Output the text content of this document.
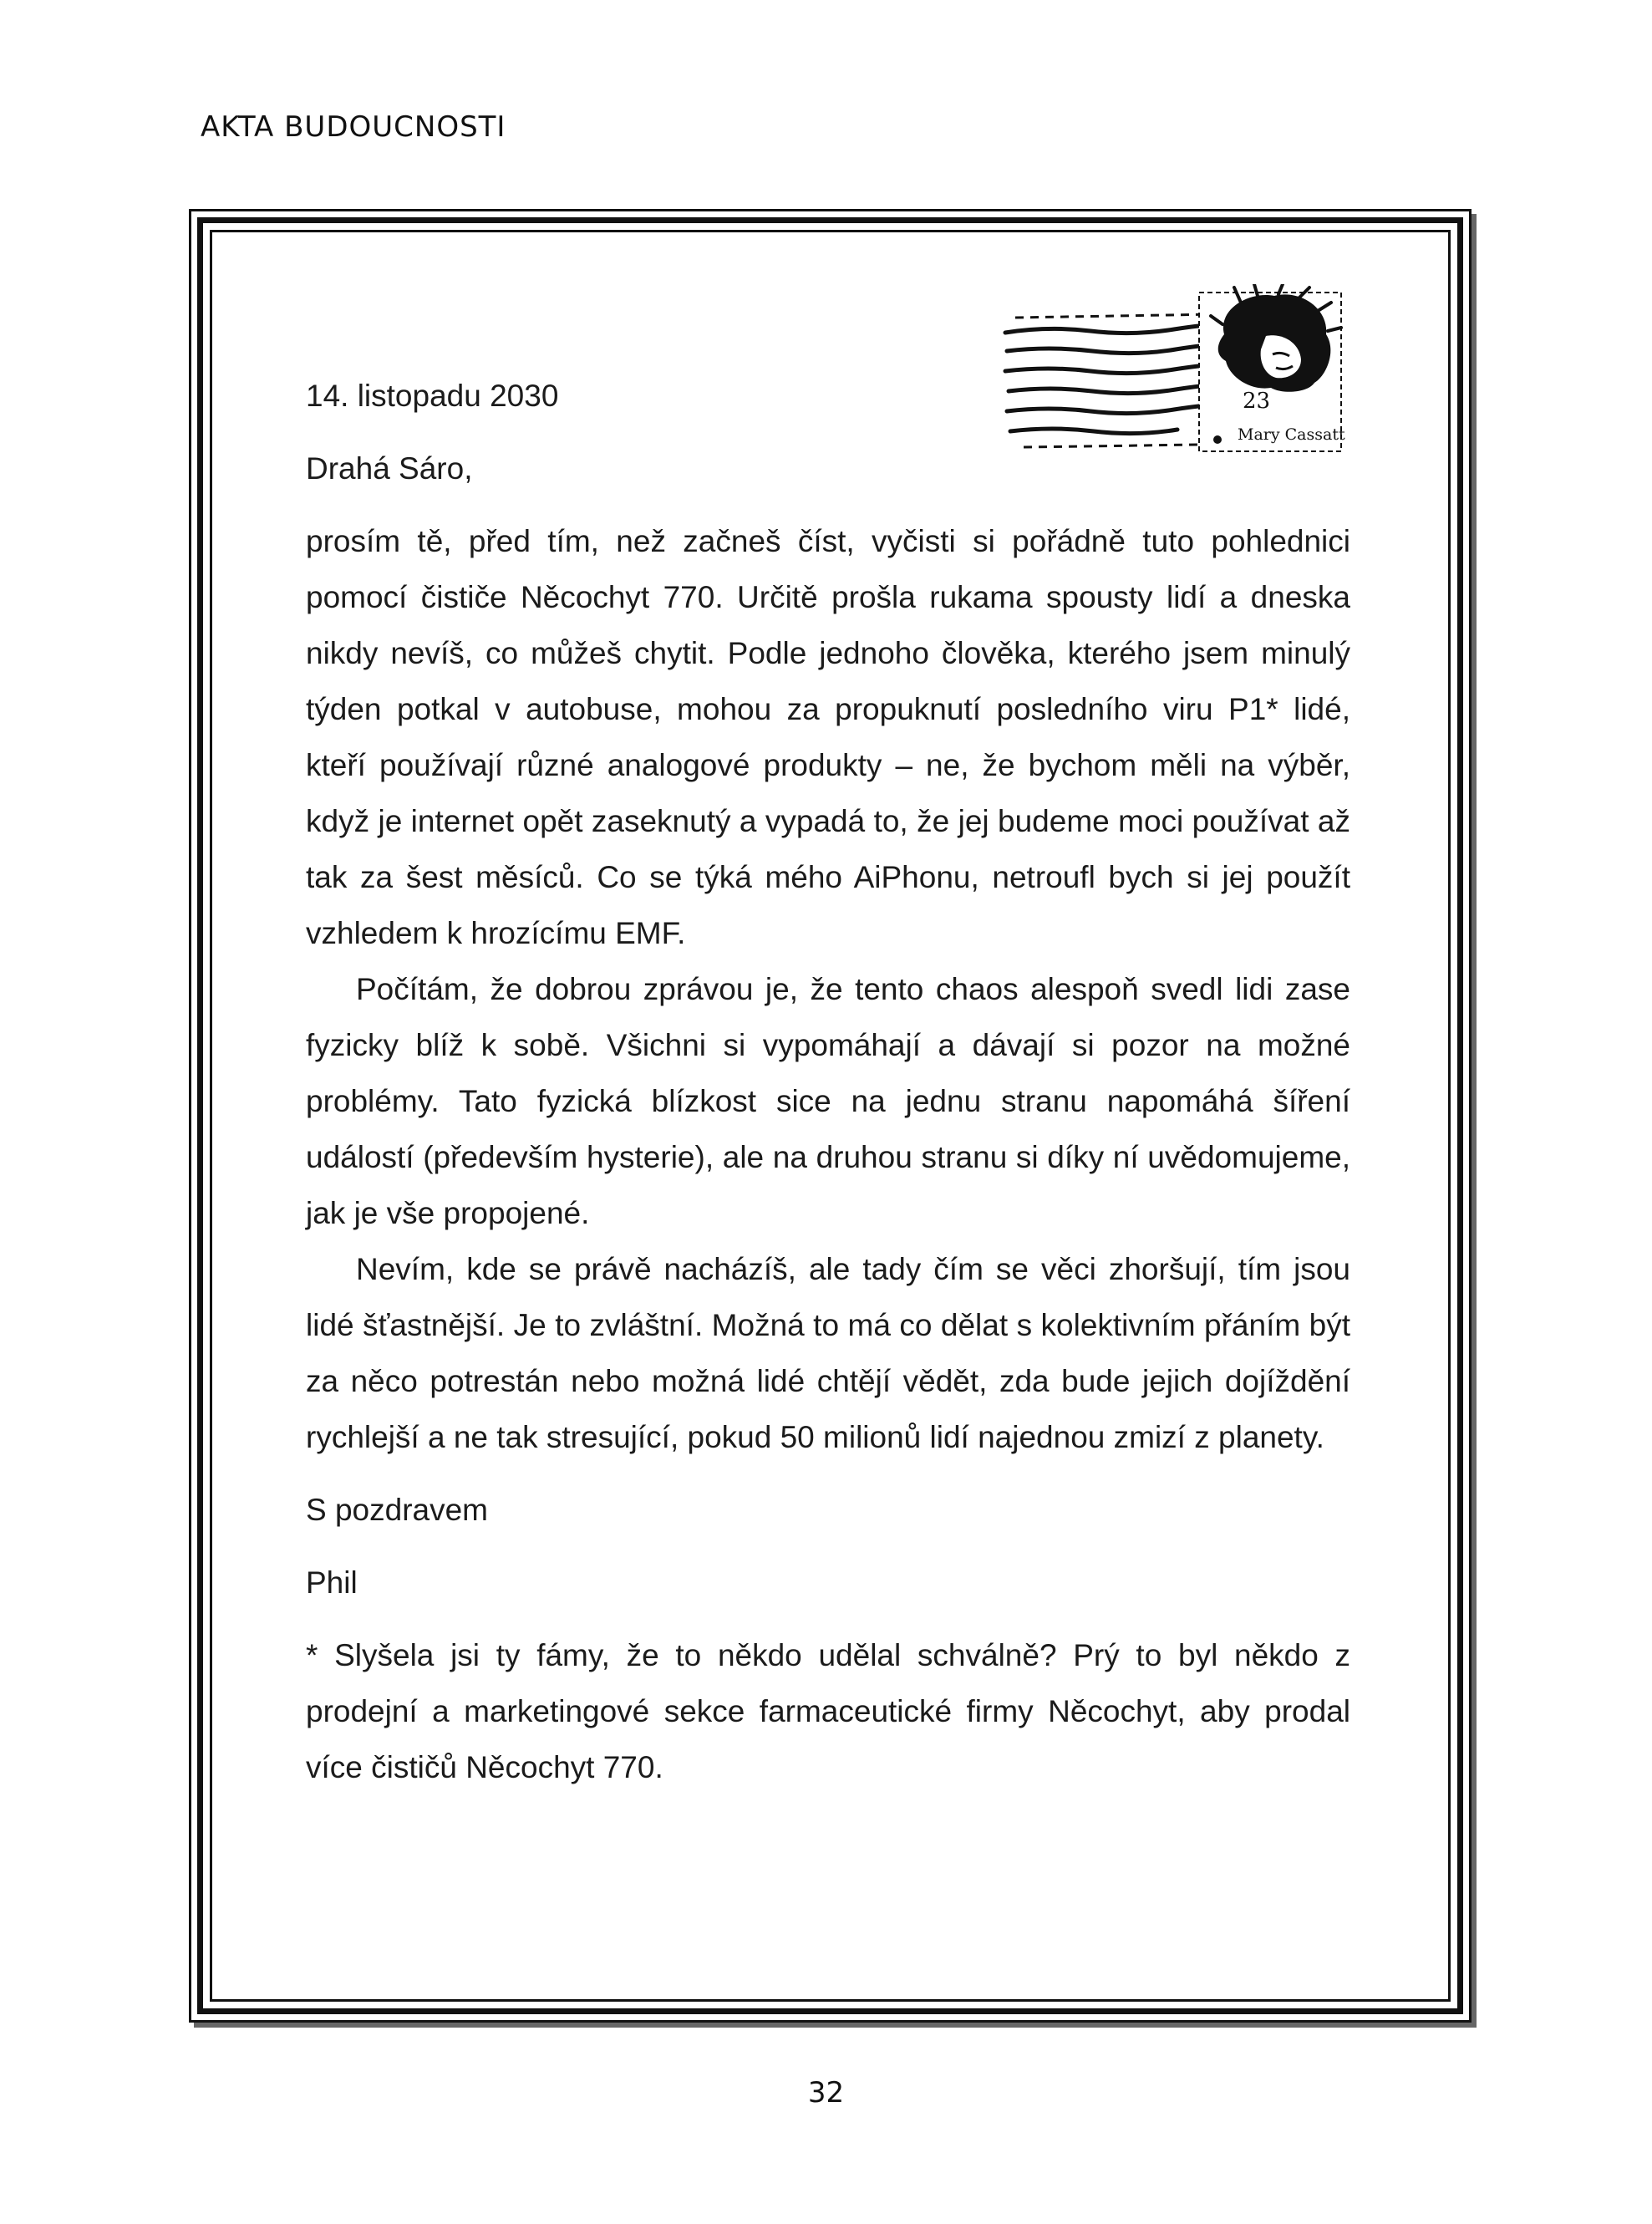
AKTA BUDOUCNOSTI
23
Mary Cassatt

14. listopadu 2030

Drahá Sáro,

prosím tě, před tím, než začneš číst, vyčisti si pořádně tuto pohlednici pomocí čističe Něcochyt 770. Určitě prošla rukama spousty lidí a dneska nikdy nevíš, co můžeš chytit. Podle jednoho člověka, kterého jsem minulý týden potkal v autobuse, mohou za propuknutí posledního viru P1* lidé, kteří používají různé analogové produkty – ne, že bychom měli na výběr, když je internet opět zaseknutý a vypadá to, že jej budeme moci používat až tak za šest měsíců. Co se týká mého AiPhonu, netroufl bych si jej použít vzhledem k hrozícímu EMF.

Počítám, že dobrou zprávou je, že tento chaos alespoň svedl lidi zase fyzicky blíž k sobě. Všichni si vypomáhají a dávají si pozor na možné problémy. Tato fyzická blízkost sice na jednu stranu napomáhá šíření událostí (především hysterie), ale na druhou stranu si díky ní uvědomujeme, jak je vše propojené.

Nevím, kde se právě nacházíš, ale tady čím se věci zhoršují, tím jsou lidé šťastnější. Je to zvláštní. Možná to má co dělat s kolektivním přáním být za něco potrestán nebo možná lidé chtějí vědět, zda bude jejich dojíždění rychlejší a ne tak stresující, pokud 50 milionů lidí najednou zmizí z planety.

S pozdravem

Phil

* Slyšela jsi ty fámy, že to někdo udělal schválně? Prý to byl někdo z prodejní a marketingové sekce farmaceutické firmy Něcochyt, aby prodal více čističů Něcochyt 770.

32
